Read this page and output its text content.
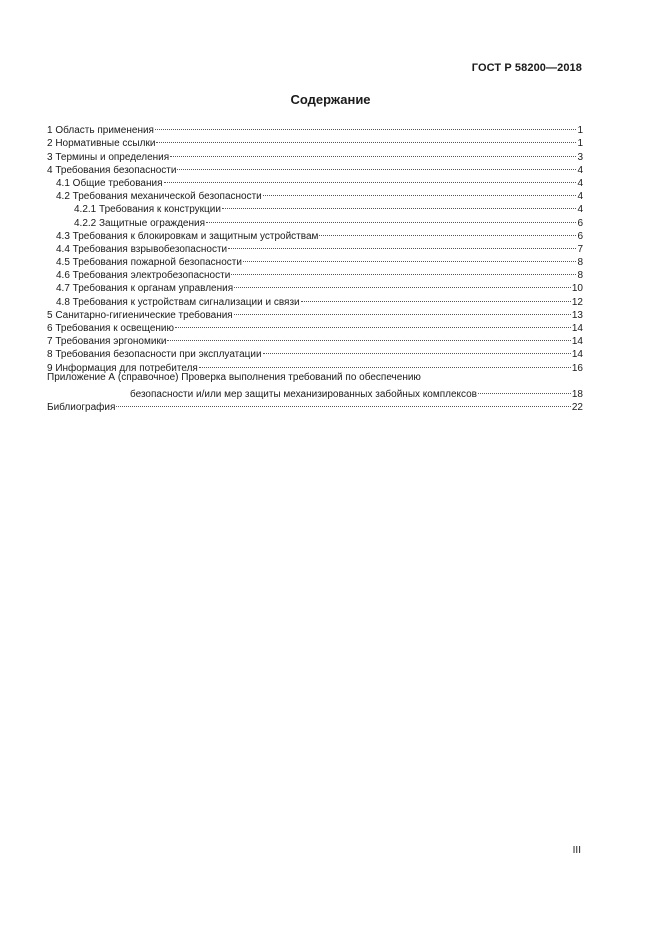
ГОСТ Р 58200—2018
Содержание
1 Область применения	1
2 Нормативные ссылки	1
3 Термины и определения	3
4 Требования безопасности	4
4.1 Общие требования	4
4.2 Требования механической безопасности	4
4.2.1 Требования к конструкции	4
4.2.2 Защитные ограждения	6
4.3 Требования к блокировкам и защитным устройствам	6
4.4 Требования взрывобезопасности	7
4.5 Требования пожарной безопасности	8
4.6 Требования электробезопасности	8
4.7 Требования к органам управления	10
4.8 Требования к устройствам сигнализации и связи	12
5 Санитарно-гигиенические требования	13
6 Требования к освещению	14
7 Требования эргономики	14
8 Требования безопасности при эксплуатации	14
9 Информация для потребителя	16
Приложение А (справочное) Проверка выполнения требований по обеспечению
безопасности и/или мер защиты механизированных забойных комплексов	18
Библиография	22
III
